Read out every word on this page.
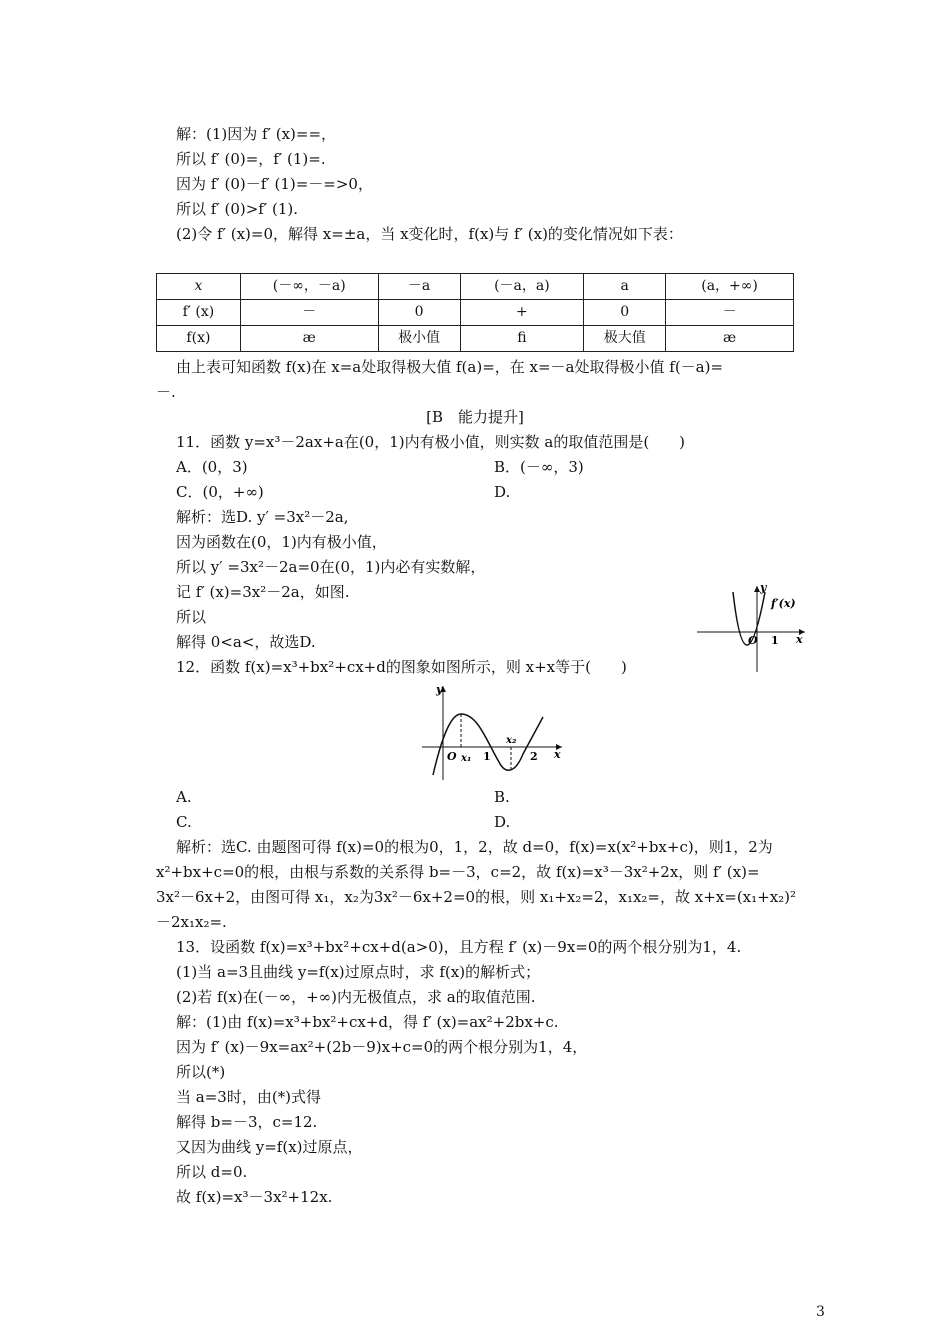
解：(1)因为 f′ (x)==，
所以 f′ (0)=，f′ (1)=.
因为 f′ (0)－f′ (1)=－=>0，
所以 f′ (0)>f′ (1).
(2)令 f′ (x)=0，解得 x=±a，当 x变化时，f(x)与 f′ (x)的变化情况如下表：
x	(－∞，－a)	－a	(－a，a)	a	(a，+∞)
f′ (x)	－	0	+	0	－
f(x)	æ	极小值	ﬁ	极大值	æ
由上表可知函数 f(x)在 x=a处取得极大值 f(a)=，在 x=－a处取得极小值 f(－a)=
－.
[B　能力提升]
11．函数 y=x³－2ax+a在(0，1)内有极小值，则实数 a的取值范围是(　　)
A．(0，3)	B．(－∞，3)
C．(0，+∞)	D.
解析：选D. y′ =3x²－2a,
因为函数在(0，1)内有极小值，
所以 y′ =3x²－2a=0在(0，1)内必有实数解，
记 f′ (x)=3x²－2a，如图.
所以
解得 0<a<，故选D.
y
f′(x)
O 1 x
12．函数 f(x)=x³+bx²+cx+d的图象如图所示，则 x+x等于(　　)
y
O x₁ 1
x₂
2 x
A.	B.
C.	D.
解析：选C. 由题图可得 f(x)=0的根为0，1，2，故 d=0，f(x)=x(x²+bx+c)，则1，2为
x²+bx+c=0的根，由根与系数的关系得 b=－3，c=2，故 f(x)=x³－3x²+2x，则 f′ (x)=
3x²－6x+2，由图可得 x₁，x₂为3x²－6x+2=0的根，则 x₁+x₂=2，x₁x₂=，故 x+x=(x₁+x₂)²
－2x₁x₂=.
13．设函数 f(x)=x³+bx²+cx+d(a>0)，且方程 f′ (x)－9x=0的两个根分别为1，4.
(1)当 a=3且曲线 y=f(x)过原点时，求 f(x)的解析式；
(2)若 f(x)在(－∞，+∞)内无极值点，求 a的取值范围.
解：(1)由 f(x)=x³+bx²+cx+d，得 f′ (x)=ax²+2bx+c.
因为 f′ (x)－9x=ax²+(2b－9)x+c=0的两个根分别为1，4，
所以(*)
当 a=3时，由(*)式得
解得 b=－3，c=12.
又因为曲线 y=f(x)过原点，
所以 d=0.
故 f(x)=x³－3x²+12x.
3
